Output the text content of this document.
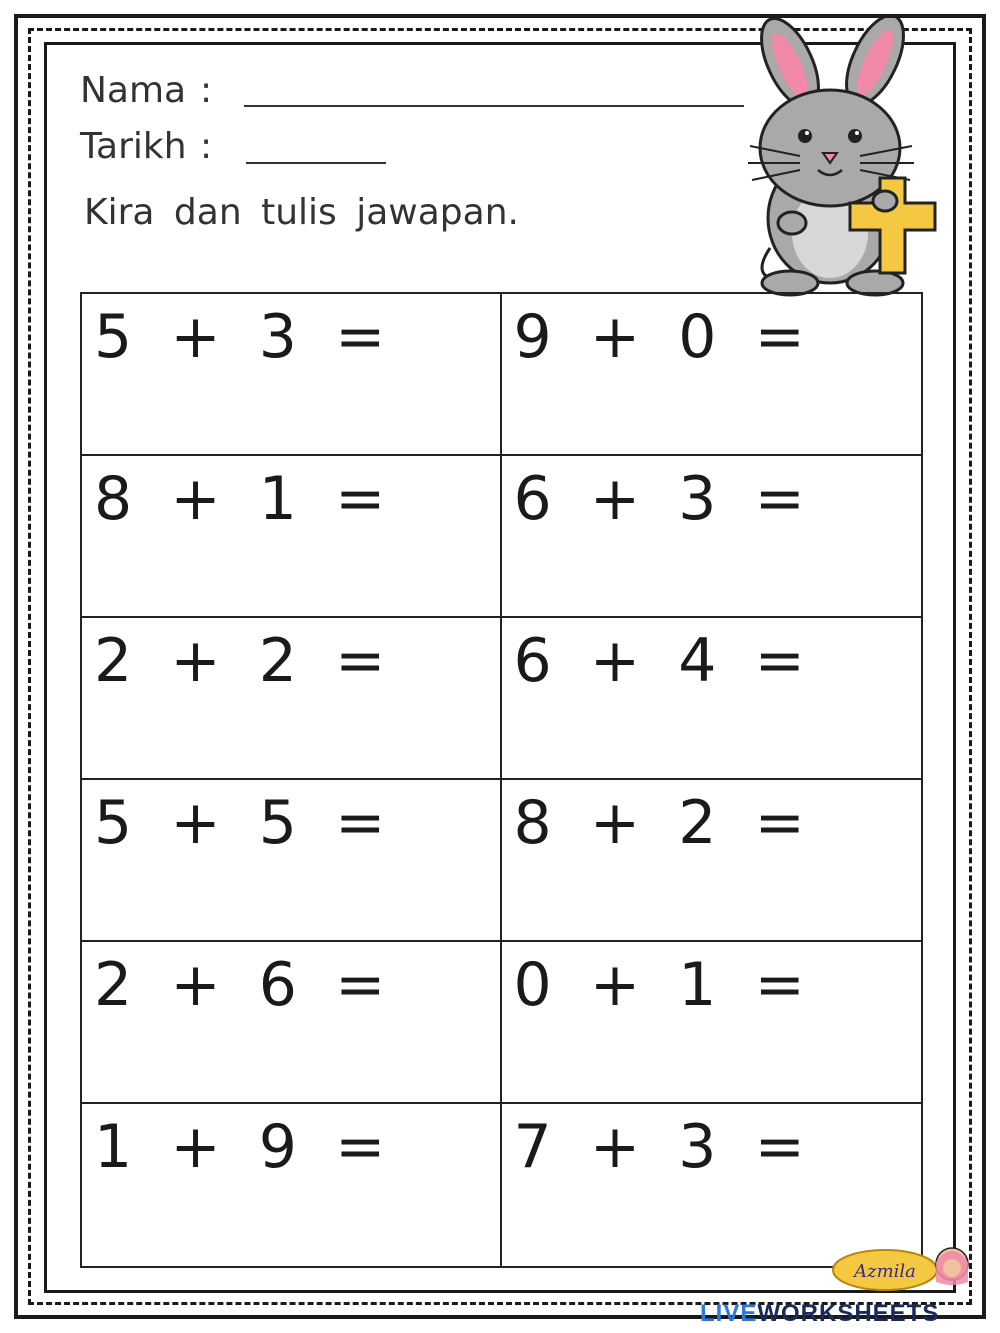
Nama :
Tarikh :
Kira dan tulis jawapan.
5 + 3 = 9 + 0 =
8 + 1 = 6 + 3 =
2 + 2 = 6 + 4 =
5 + 5 = 8 + 2 =
2 + 6 = 0 + 1 =
1 + 9 = 7 + 3 =
Azmila
LIVEWORKSHEETS
